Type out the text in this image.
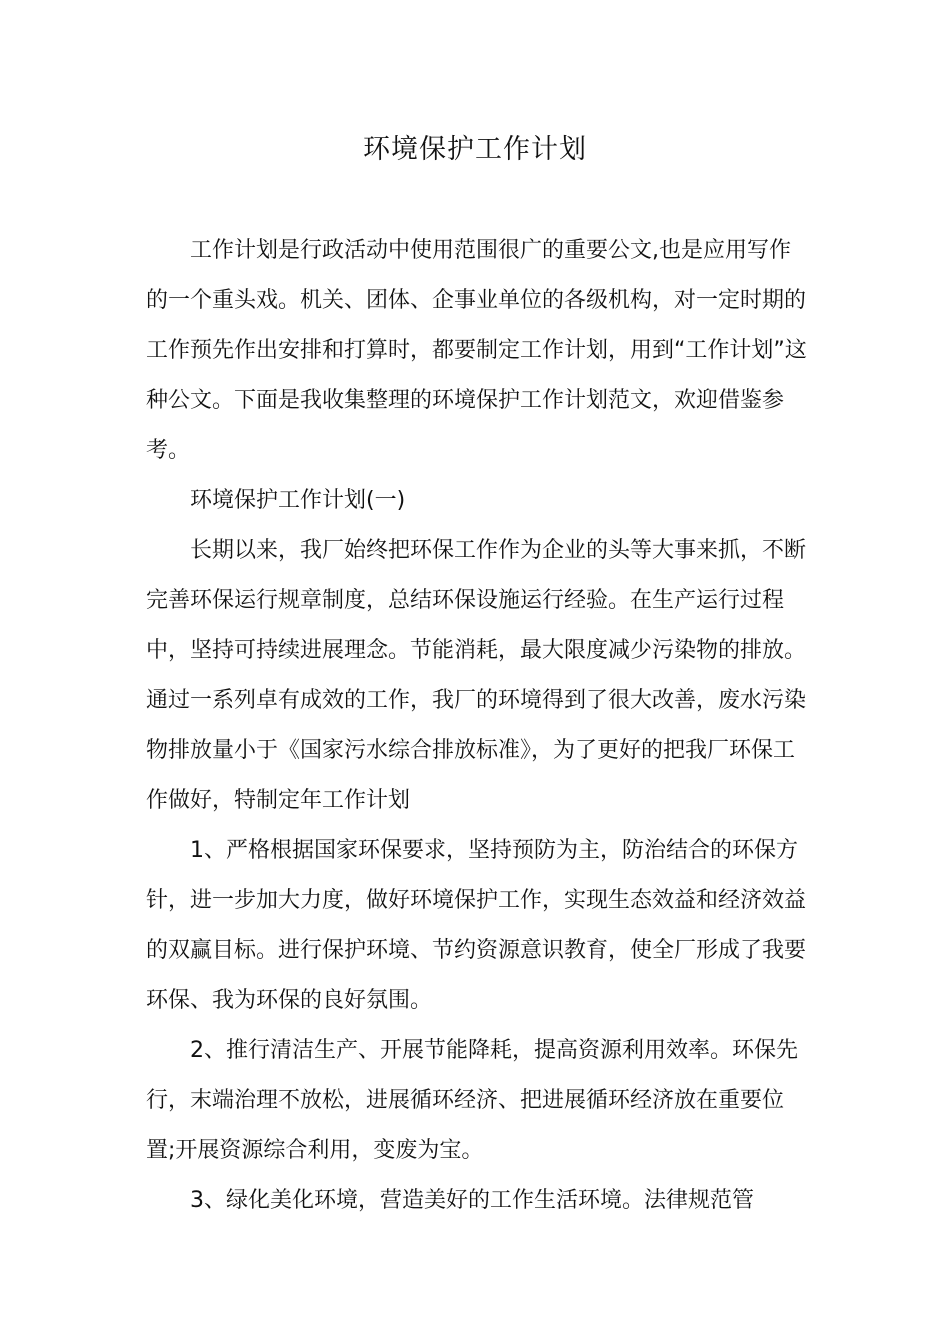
环境保护工作计划

工作计划是行政活动中使用范围很广的重要公文,也是应用写作的一个重头戏。机关、团体、企事业单位的各级机构，对一定时期的工作预先作出安排和打算时，都要制定工作计划，用到“工作计划”这种公文。下面是我收集整理的环境保护工作计划范文，欢迎借鉴参考。

环境保护工作计划(一)

长期以来，我厂始终把环保工作作为企业的头等大事来抓，不断完善环保运行规章制度，总结环保设施运行经验。在生产运行过程中，坚持可持续进展理念。节能消耗，最大限度减少污染物的排放。通过一系列卓有成效的工作，我厂的环境得到了很大改善，废水污染物排放量小于《国家污水综合排放标准》，为了更好的把我厂环保工作做好，特制定年工作计划

1、严格根据国家环保要求，坚持预防为主，防治结合的环保方针，进一步加大力度，做好环境保护工作，实现生态效益和经济效益的双赢目标。进行保护环境、节约资源意识教育，使全厂形成了我要环保、我为环保的良好氛围。

2、推行清洁生产、开展节能降耗，提高资源利用效率。环保先行，末端治理不放松，进展循环经济、把进展循环经济放在重要位置;开展资源综合利用，变废为宝。

3、绿化美化环境，营造美好的工作生活环境。法律规范管
